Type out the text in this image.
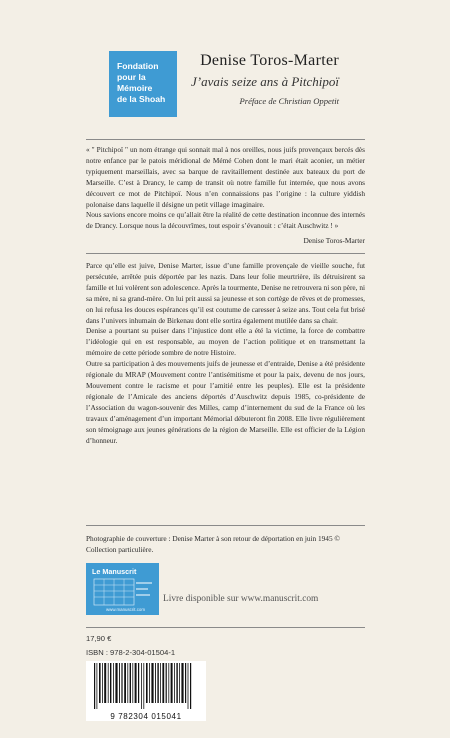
Fondation
pour la
Mémoire
de la Shoah
Denise Toros-Marter
J’avais seize ans à Pitchipoï
Préface de Christian Oppetit

« " Pitchipoï " un nom étrange qui sonnait mal à nos oreilles, nous juifs provençaux bercés dès notre enfance par le patois méridional de Mémé Cohen dont le mari était aconier, un métier typiquement marseillais, avec sa barque de ravitaillement destinée aux bateaux du port de Marseille. C’est à Drancy, le camp de transit où notre famille fut internée, que nous avons découvert ce mot de Pitchipoï. Nous n’en connaissions pas l’origine : la culture yiddish polonaise dans laquelle il désigne un petit village imaginaire.

Nous savions encore moins ce qu’allait être la réalité de cette destination inconnue des internés de Drancy. Lorsque nous la découvrîmes, tout espoir s’évanouit : c’était Auschwitz ! »

Denise Toros-Marter

Parce qu’elle est juive, Denise Marter, issue d’une famille provençale de vieille souche, fut persécutée, arrêtée puis déportée par les nazis. Dans leur folie meurtrière, ils détruisirent sa famille et lui volèrent son adolescence. Après la tourmente, Denise ne retrouvera ni son père, ni sa mère, ni sa grand-mère. On lui prit aussi sa jeunesse et son cortège de rêves et de promesses, on lui refusa les douces espérances qu’il est coutume de caresser à seize ans. Tout cela fut brisé dans l’univers inhumain de Birkenau dont elle sortira également mutilée dans sa chair.

Denise a pourtant su puiser dans l’injustice dont elle a été la victime, la force de combattre l’idéologie qui en est responsable, au moyen de l’action politique et en transmettant la mémoire de cette période sombre de notre Histoire.

Outre sa participation à des mouvements juifs de jeunesse et d’entraide, Denise a été présidente régionale du MRAP (Mouvement contre l’antisémitisme et pour la paix, devenu de nos jours, Mouvement contre le racisme et pour l’amitié entre les peuples). Elle est la présidente régionale de l’Amicale des anciens déportés d’Auschwitz depuis 1985, co-présidente de l’Association du wagon-souvenir des Milles, camp d’internement du sud de la France où les travaux d’aménagement d’un important Mémorial débuteront fin 2008. Elle livre régulièrement son témoignage aux jeunes générations de la région de Marseille. Elle est officier de la Légion d’honneur.

Photographie de couverture : Denise Marter à son retour de déportation en juin 1945 © Collection particulière.

Le Manuscrit
www.manuscrit.com
Livre disponible sur www.manuscrit.com
17,90 €
ISBN : 978-2-304-01504-1
9 782304 015041
